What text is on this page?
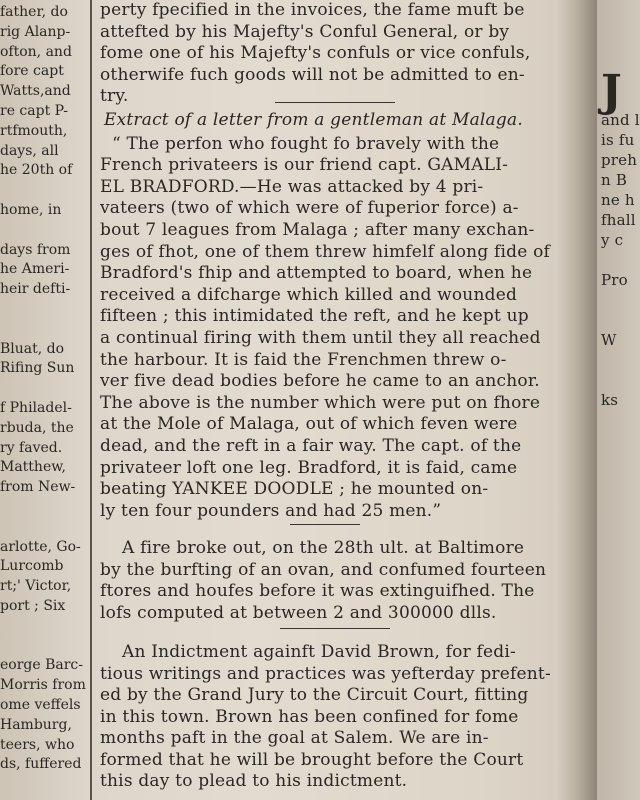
father, do
rig Alanp-
ofton, and
fore capt
Watts,and
re capt P-
rtfmouth,
days, all
he 20th of
home, in
days from
he Ameri-
heir defti-
Bluat, do
Rifing Sun
f Philadel-
rbuda, the
ry faved.
Matthew,
from New-
arlotte, Go-
Lurcomb
rt;' Victor,
port ; Six
eorge Barc-
Morris from
ome veffels
Hamburg,
teers, who
ds, fuffered
perty fpecified in the invoices, the fame muft be
attefted by his Majefty's Conful General, or by
fome one of his Majefty's confuls or vice confuls,
otherwife fuch goods will not be admitted to en-
try.
Extract of a letter from a gentleman at Malaga.
“ The perfon who fought fo bravely with the
French privateers is our friend capt. GAMALI-
EL BRADFORD.—He was attacked by 4 pri-
vateers (two of which were of fuperior force) a-
bout 7 leagues from Malaga ; after many exchan-
ges of fhot, one of them threw himfelf along fide of
Bradford's fhip and attempted to board, when he
received a difcharge which killed and wounded
fifteen ; this intimidated the reft, and he kept up
a continual firing with them until they all reached
the harbour. It is faid the Frenchmen threw o-
ver five dead bodies before he came to an anchor.
The above is the number which were put on fhore
at the Mole of Malaga, out of which feven were
dead, and the reft in a fair way. The capt. of the
privateer loft one leg. Bradford, it is faid, came
beating YANKEE DOODLE ; he mounted on-
ly ten four pounders and had 25 men.”
A fire broke out, on the 28th ult. at Baltimore
by the burfting of an ovan, and confumed fourteen
ftores and houfes before it was extinguifhed. The
lofs computed at between 2 and 300000 dlls.
An Indictment againft David Brown, for fedi-
tious writings and practices was yefterday prefent-
ed by the Grand Jury to the Circuit Court, fitting
in this town. Brown has been confined for fome
months paft in the goal at Salem. We are in-
formed that he will be brought before the Court
this day to plead to his indictment.
J
and l
is fu
preh
n B
ne h
fhall
y c
Pro
W
ks
